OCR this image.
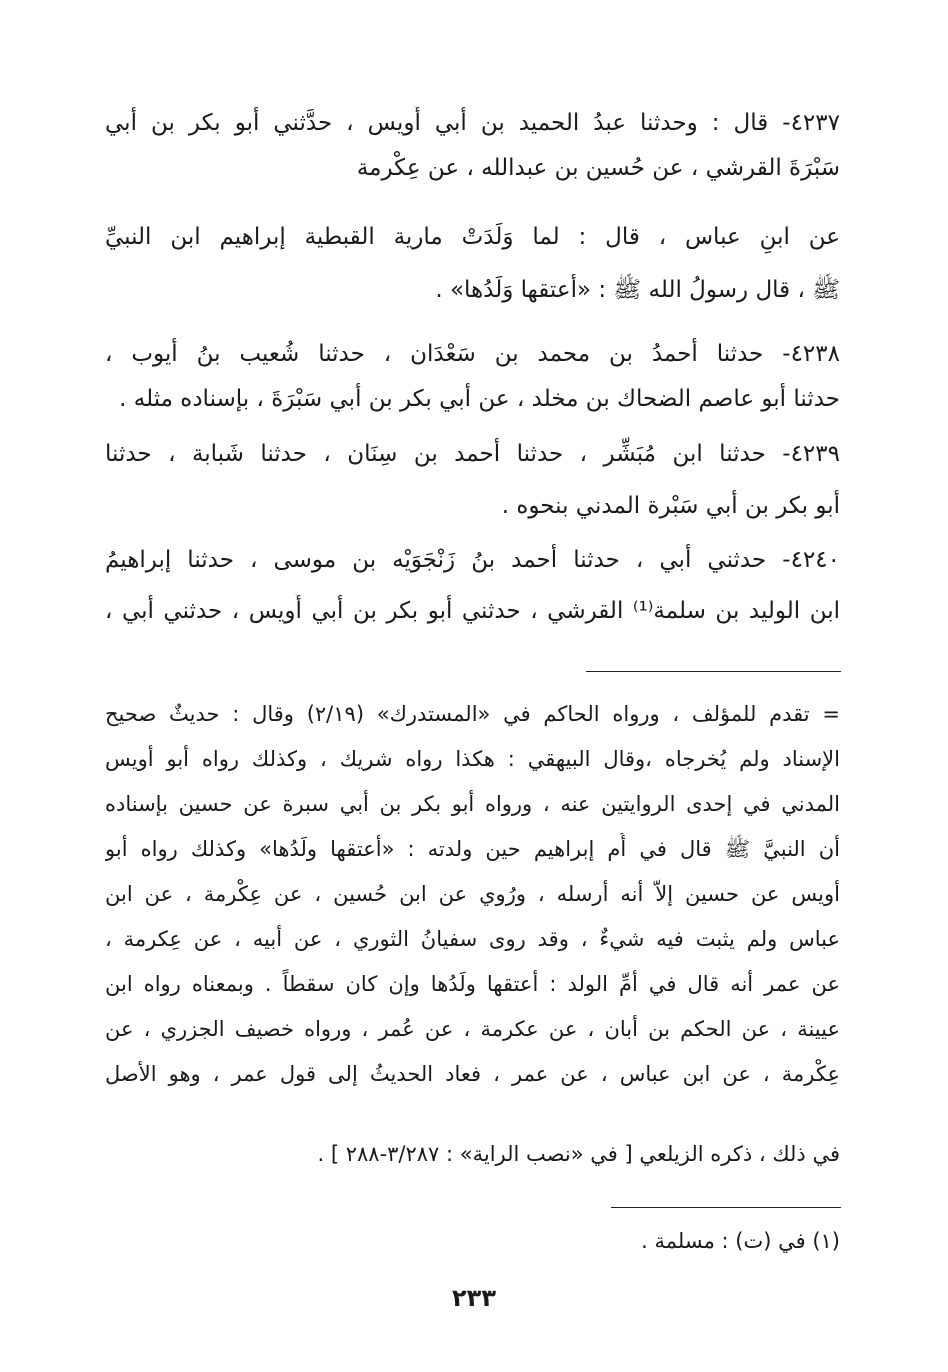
٤٢٣٧- قال : وحدثنا عبدُ الحميد بن أبي أُويس ، حدَّثني أبو بكر بن أبي
سَبْرَةَ القرشي ، عن حُسين بن عبدالله ، عن عِكْرمة
عن ابنِ عباس ، قال : لما وَلَدَتْ مارية القبطية إبراهيم ابن النبيِّ
ﷺ ، قال رسولُ الله ﷺ : «أعتقها وَلَدُها» .
٤٢٣٨- حدثنا أحمدُ بن محمد بن سَعْدَان ، حدثنا شُعيب بنُ أيوب ،
حدثنا أبو عاصم الضحاك بن مخلد ، عن أبي بكر بن أبي سَبْرَةَ ، بإسناده مثله .
٤٢٣٩- حدثنا ابن مُبَشِّر ، حدثنا أحمد بن سِنَان ، حدثنا شَبابة ، حدثنا
أبو بكر بن أبي سَبْرة المدني بنحوه .
٤٢٤٠- حدثني أبي ، حدثنا أحمد بنُ زَنْجَوَيْه بن موسى ، حدثنا إبراهيمُ
ابن الوليد بن سلمة⁽¹⁾ القرشي ، حدثني أبو بكر بن أبي أُويس ، حدثني أبي ،
= تقدم للمؤلف ، ورواه الحاكم في «المستدرك» (٢/١٩) وقال : حديثٌ صحيح
الإسناد ولم يُخرجاه ،وقال البيهقي : هكذا رواه شريك ، وكذلك رواه أبو أويس
المدني في إحدى الروايتين عنه ، ورواه أبو بكر بن أبي سبرة عن حسين بإسناده
أن النبيَّ ﷺ قال في أُم إبراهيم حين ولدته : «أعتقها ولَدُها» وكذلك رواه أبو
أويس عن حسين إلاّ أنه أرسله ، ورُوي عن ابن حُسين ، عن عِكْرمة ، عن ابن
عباس ولم يثبت فيه شيءٌ ، وقد روى سفيانُ الثوري ، عن أبيه ، عن عِكرمة ،
عن عمر أنه قال في أمِّ الولد : أعتقها ولَدُها وإن كان سقطاً . وبمعناه رواه ابن
عيينة ، عن الحكم بن أبان ، عن عكرمة ، عن عُمر ، ورواه خصيف الجزري ، عن
عِكْرمة ، عن ابن عباس ، عن عمر ، فعاد الحديثُ إلى قول عمر ، وهو الأصل
في ذلك ، ذكره الزيلعي [ في «نصب الراية» : ٣/٢٨٧-٢٨٨ ] .
(١) في (ت) : مسلمة .
٢٣٣
